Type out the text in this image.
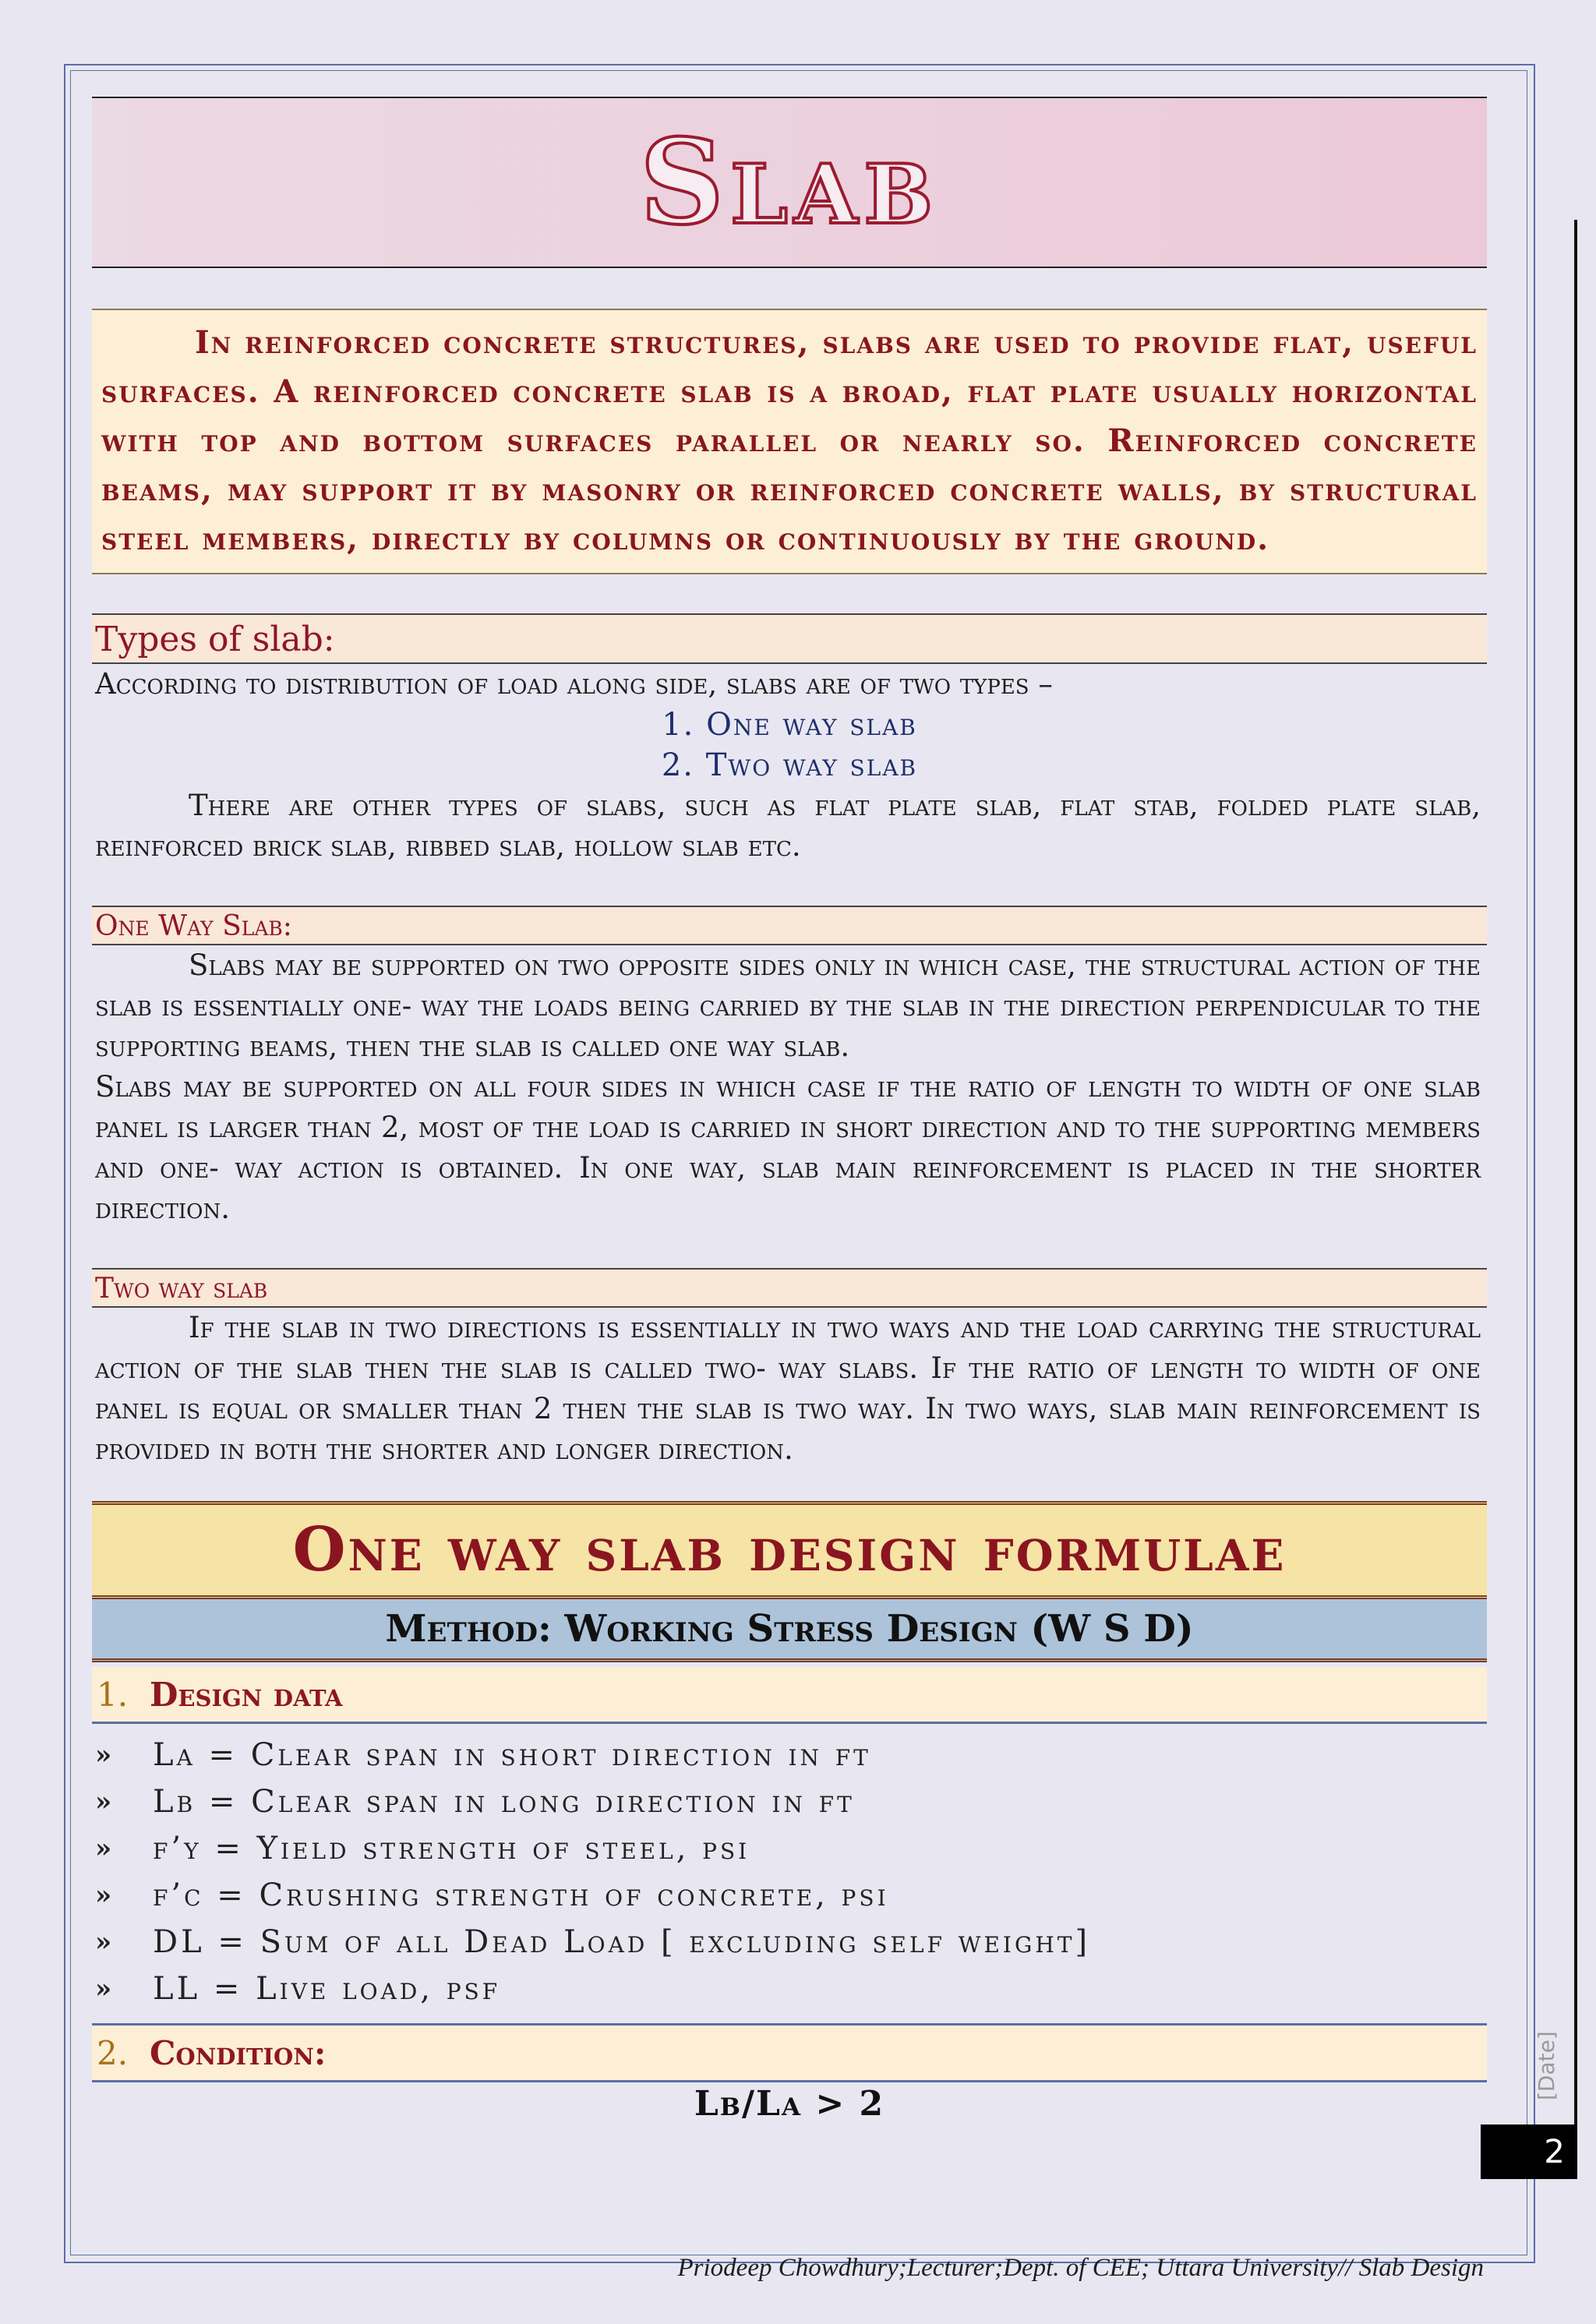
Slab
In reinforced concrete structures, slabs are used to provide flat, useful surfaces. A reinforced concrete slab is a broad, flat plate usually horizontal with top and bottom surfaces parallel or nearly so. Reinforced concrete beams, may support it by masonry or reinforced concrete walls, by structural steel members, directly by columns or continuously by the ground.
Types of slab:
According to distribution of load along side, slabs are of two types –
1. One way slab
2. Two way slab
There are other types of slabs, such as flat plate slab, flat stab, folded plate slab, reinforced brick slab, ribbed slab, hollow slab etc.
One Way Slab:
Slabs may be supported on two opposite sides only in which case, the structural action of the slab is essentially one- way the loads being carried by the slab in the direction perpendicular to the supporting beams, then the slab is called one way slab.
Slabs may be supported on all four sides in which case if the ratio of length to width of one slab panel is larger than 2, most of the load is carried in short direction and to the supporting members and one- way action is obtained. In one way, slab main reinforcement is placed in the shorter direction.
Two way slab
If the slab in two directions is essentially in two ways and the load carrying the structural action of the slab then the slab is called two- way slabs. If the ratio of length to width of one panel is equal or smaller than 2 then the slab is two way. In two ways, slab main reinforcement is provided in both the shorter and longer direction.
One way slab design formulae
Method: Working Stress Design (W S D)
1. Design data
»	La = Clear span in short direction in ft
»	Lb = Clear span in long direction in ft
»	f’y = Yield strength of steel, psi
»	f’c = Crushing strength of concrete, psi
»	DL = Sum of all Dead Load [ excluding self weight]
»	LL = Live load, psf
2. Condition:
Lb/La > 2
[Date]
2
Priodeep Chowdhury;Lecturer;Dept. of CEE; Uttara University// Slab Design
